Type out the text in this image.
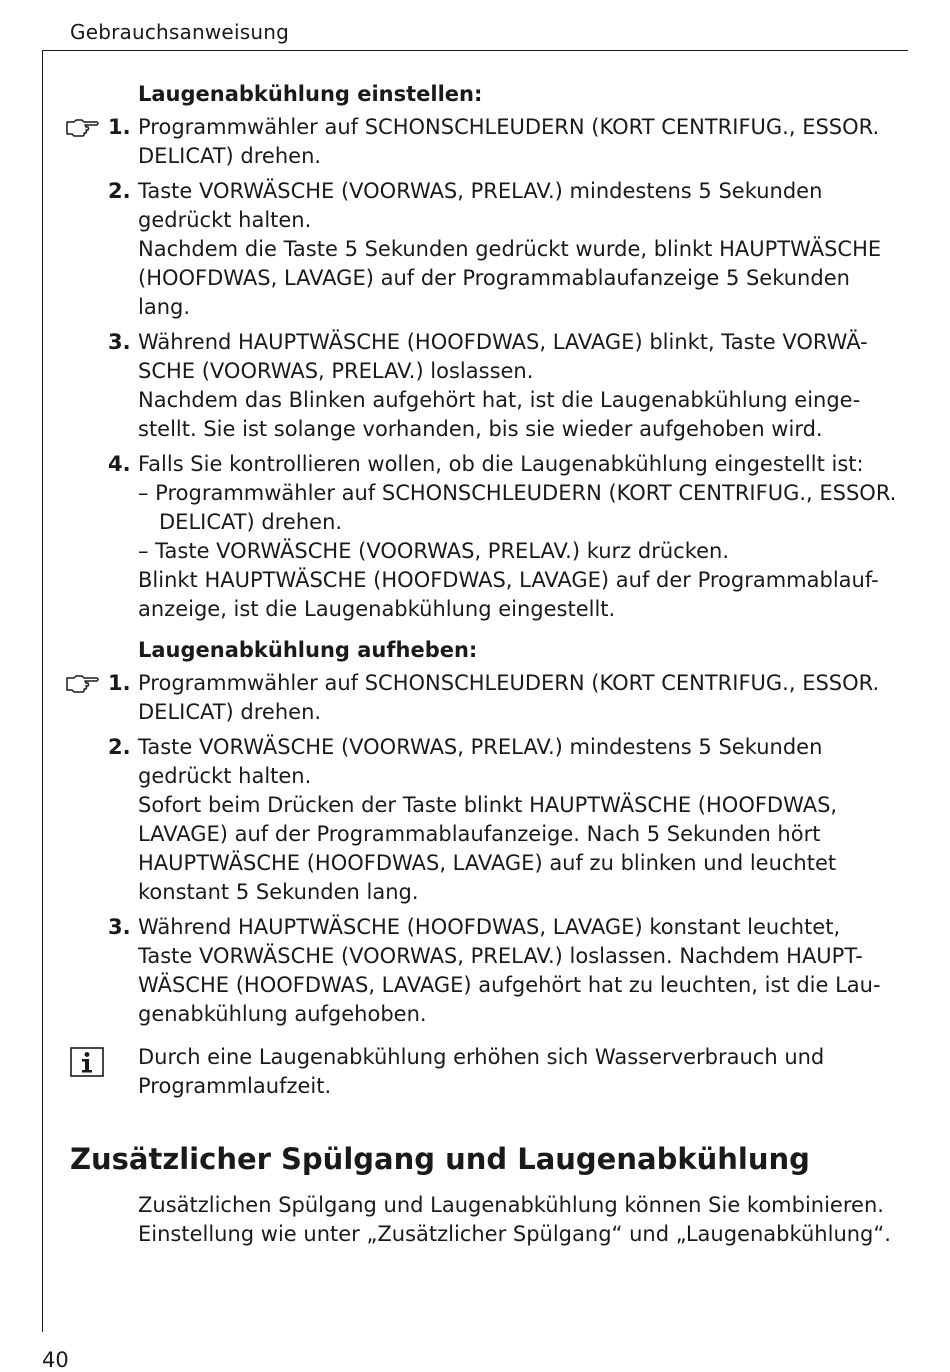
Gebrauchsanweisung
Laugenabkühlung einstellen:
1. Programmwähler auf SCHONSCHLEUDERN (KORT CENTRIFUG., ESSOR.

DELICAT) drehen.

2. Taste VORWÄSCHE (VOORWAS, PRELAV.) mindestens 5 Sekunden

gedrückt halten.

Nachdem die Taste 5 Sekunden gedrückt wurde, blinkt HAUPTWÄSCHE

(HOOFDWAS, LAVAGE) auf der Programmablaufanzeige 5 Sekunden

lang.

3. Während HAUPTWÄSCHE (HOOFDWAS, LAVAGE) blinkt, Taste VORWÄ-

SCHE (VOORWAS, PRELAV.) loslassen.

Nachdem das Blinken aufgehört hat, ist die Laugenabkühlung einge-

stellt. Sie ist solange vorhanden, bis sie wieder aufgehoben wird.

4. Falls Sie kontrollieren wollen, ob die Laugenabkühlung eingestellt ist:

– Programmwähler auf SCHONSCHLEUDERN (KORT CENTRIFUG., ESSOR. DELICAT) drehen.

– Taste VORWÄSCHE (VOORWAS, PRELAV.) kurz drücken.

Blinkt HAUPTWÄSCHE (HOOFDWAS, LAVAGE) auf der Programmablauf-

anzeige, ist die Laugenabkühlung eingestellt.

Laugenabkühlung aufheben:
1. Programmwähler auf SCHONSCHLEUDERN (KORT CENTRIFUG., ESSOR.

DELICAT) drehen.

2. Taste VORWÄSCHE (VOORWAS, PRELAV.) mindestens 5 Sekunden

gedrückt halten.

Sofort beim Drücken der Taste blinkt HAUPTWÄSCHE (HOOFDWAS,

LAVAGE) auf der Programmablaufanzeige. Nach 5 Sekunden hört

HAUPTWÄSCHE (HOOFDWAS, LAVAGE) auf zu blinken und leuchtet

konstant 5 Sekunden lang.

3. Während HAUPTWÄSCHE (HOOFDWAS, LAVAGE) konstant leuchtet,

Taste VORWÄSCHE (VOORWAS, PRELAV.) loslassen. Nachdem HAUPT-

WÄSCHE (HOOFDWAS, LAVAGE) aufgehört hat zu leuchten, ist die Lau-

genabkühlung aufgehoben.

Durch eine Laugenabkühlung erhöhen sich Wasserverbrauch und

Programmlaufzeit.

Zusätzlicher Spülgang und Laugenabkühlung

Zusätzlichen Spülgang und Laugenabkühlung können Sie kombinieren.

Einstellung wie unter „Zusätzlicher Spülgang“ und „Laugenabkühlung“.

40
